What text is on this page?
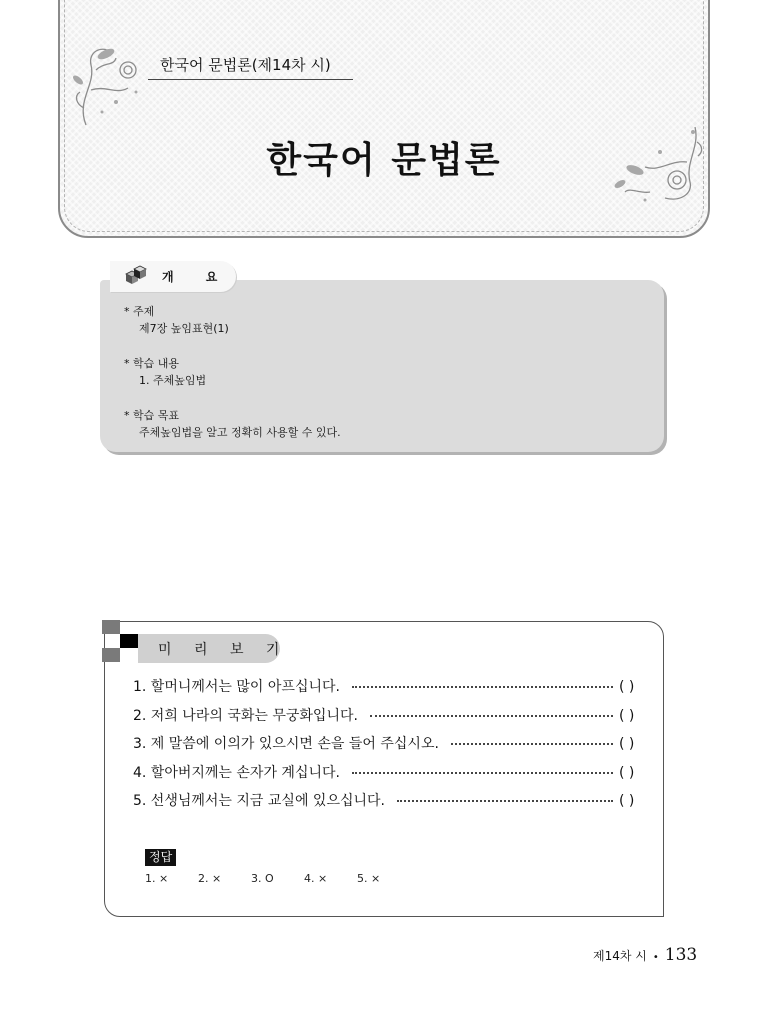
한국어 문법론(제14차 시)
한국어 문법론
개 요
* 주제
제7장 높임표현(1)
* 학습 내용
1. 주체높임법
* 학습 목표
주체높임법을 알고 정확히 사용할 수 있다.
미 리 보 기
1. 할머니께서는 많이 아프십니다.	( )
2. 저희 나라의 국화는 무궁화입니다.	( )
3. 제 말씀에 이의가 있으시면 손을 들어 주십시오.	( )
4. 할아버지께는 손자가 계십니다.	( )
5. 선생님께서는 지금 교실에 있으십니다.	( )
정답
1. ×	2. ×	3. O	4. ×	5. ×
제14차 시 • 133
